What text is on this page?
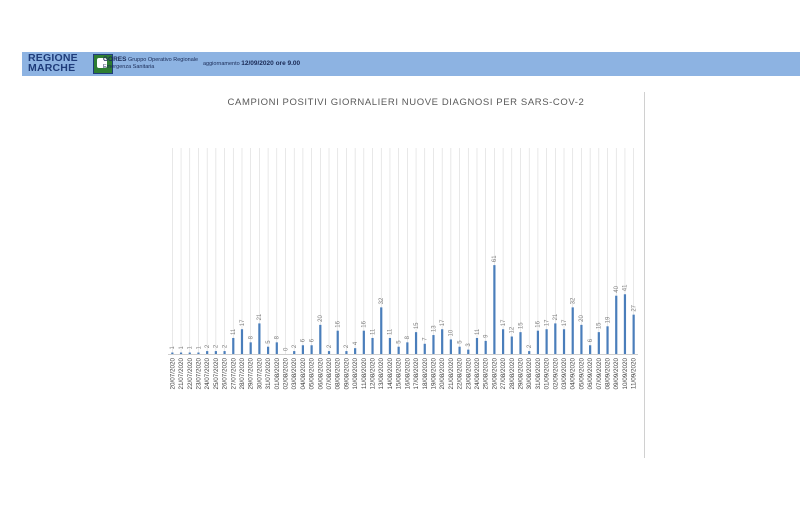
REGIONE
MARCHE
GORES Gruppo Operativo Regionale
Emergenza Sanitaria	aggiornamento 12/09/2020 ore 9.00
CAMPIONI POSITIVI GIORNALIERI NUOVE DIAGNOSI PER SARS-COV-2
1
20/07/2020
1
21/07/2020
1
22/07/2020
1
23/07/2020
2
24/07/2020
2
25/07/2020
2
26/07/2020
11
27/07/2020
17
28/07/2020
8
29/07/2020
21
30/07/2020
5
31/07/2020
8
01/08/2020
0
02/08/2020
2
03/08/2020
6
04/08/2020
6
05/08/2020
20
06/08/2020
2
07/08/2020
16
08/08/2020
2
09/08/2020
4
10/08/2020
16
11/08/2020
11
12/08/2020
32
13/08/2020
11
14/08/2020
5
15/08/2020
8
16/08/2020
15
17/08/2020
7
18/08/2020
13
19/08/2020
17
20/08/2020
10
21/08/2020
5
22/08/2020
3
23/08/2020
11
24/08/2020
9
25/08/2020
61
26/08/2020
17
27/08/2020
12
28/08/2020
15
29/08/2020
2
30/08/2020
16
31/08/2020
17
01/09/2020
21
02/09/2020
17
03/09/2020
32
04/09/2020
20
05/09/2020
6
06/09/2020
15
07/09/2020
19
08/09/2020
40
09/09/2020
41
10/09/2020
27
11/09/2020
